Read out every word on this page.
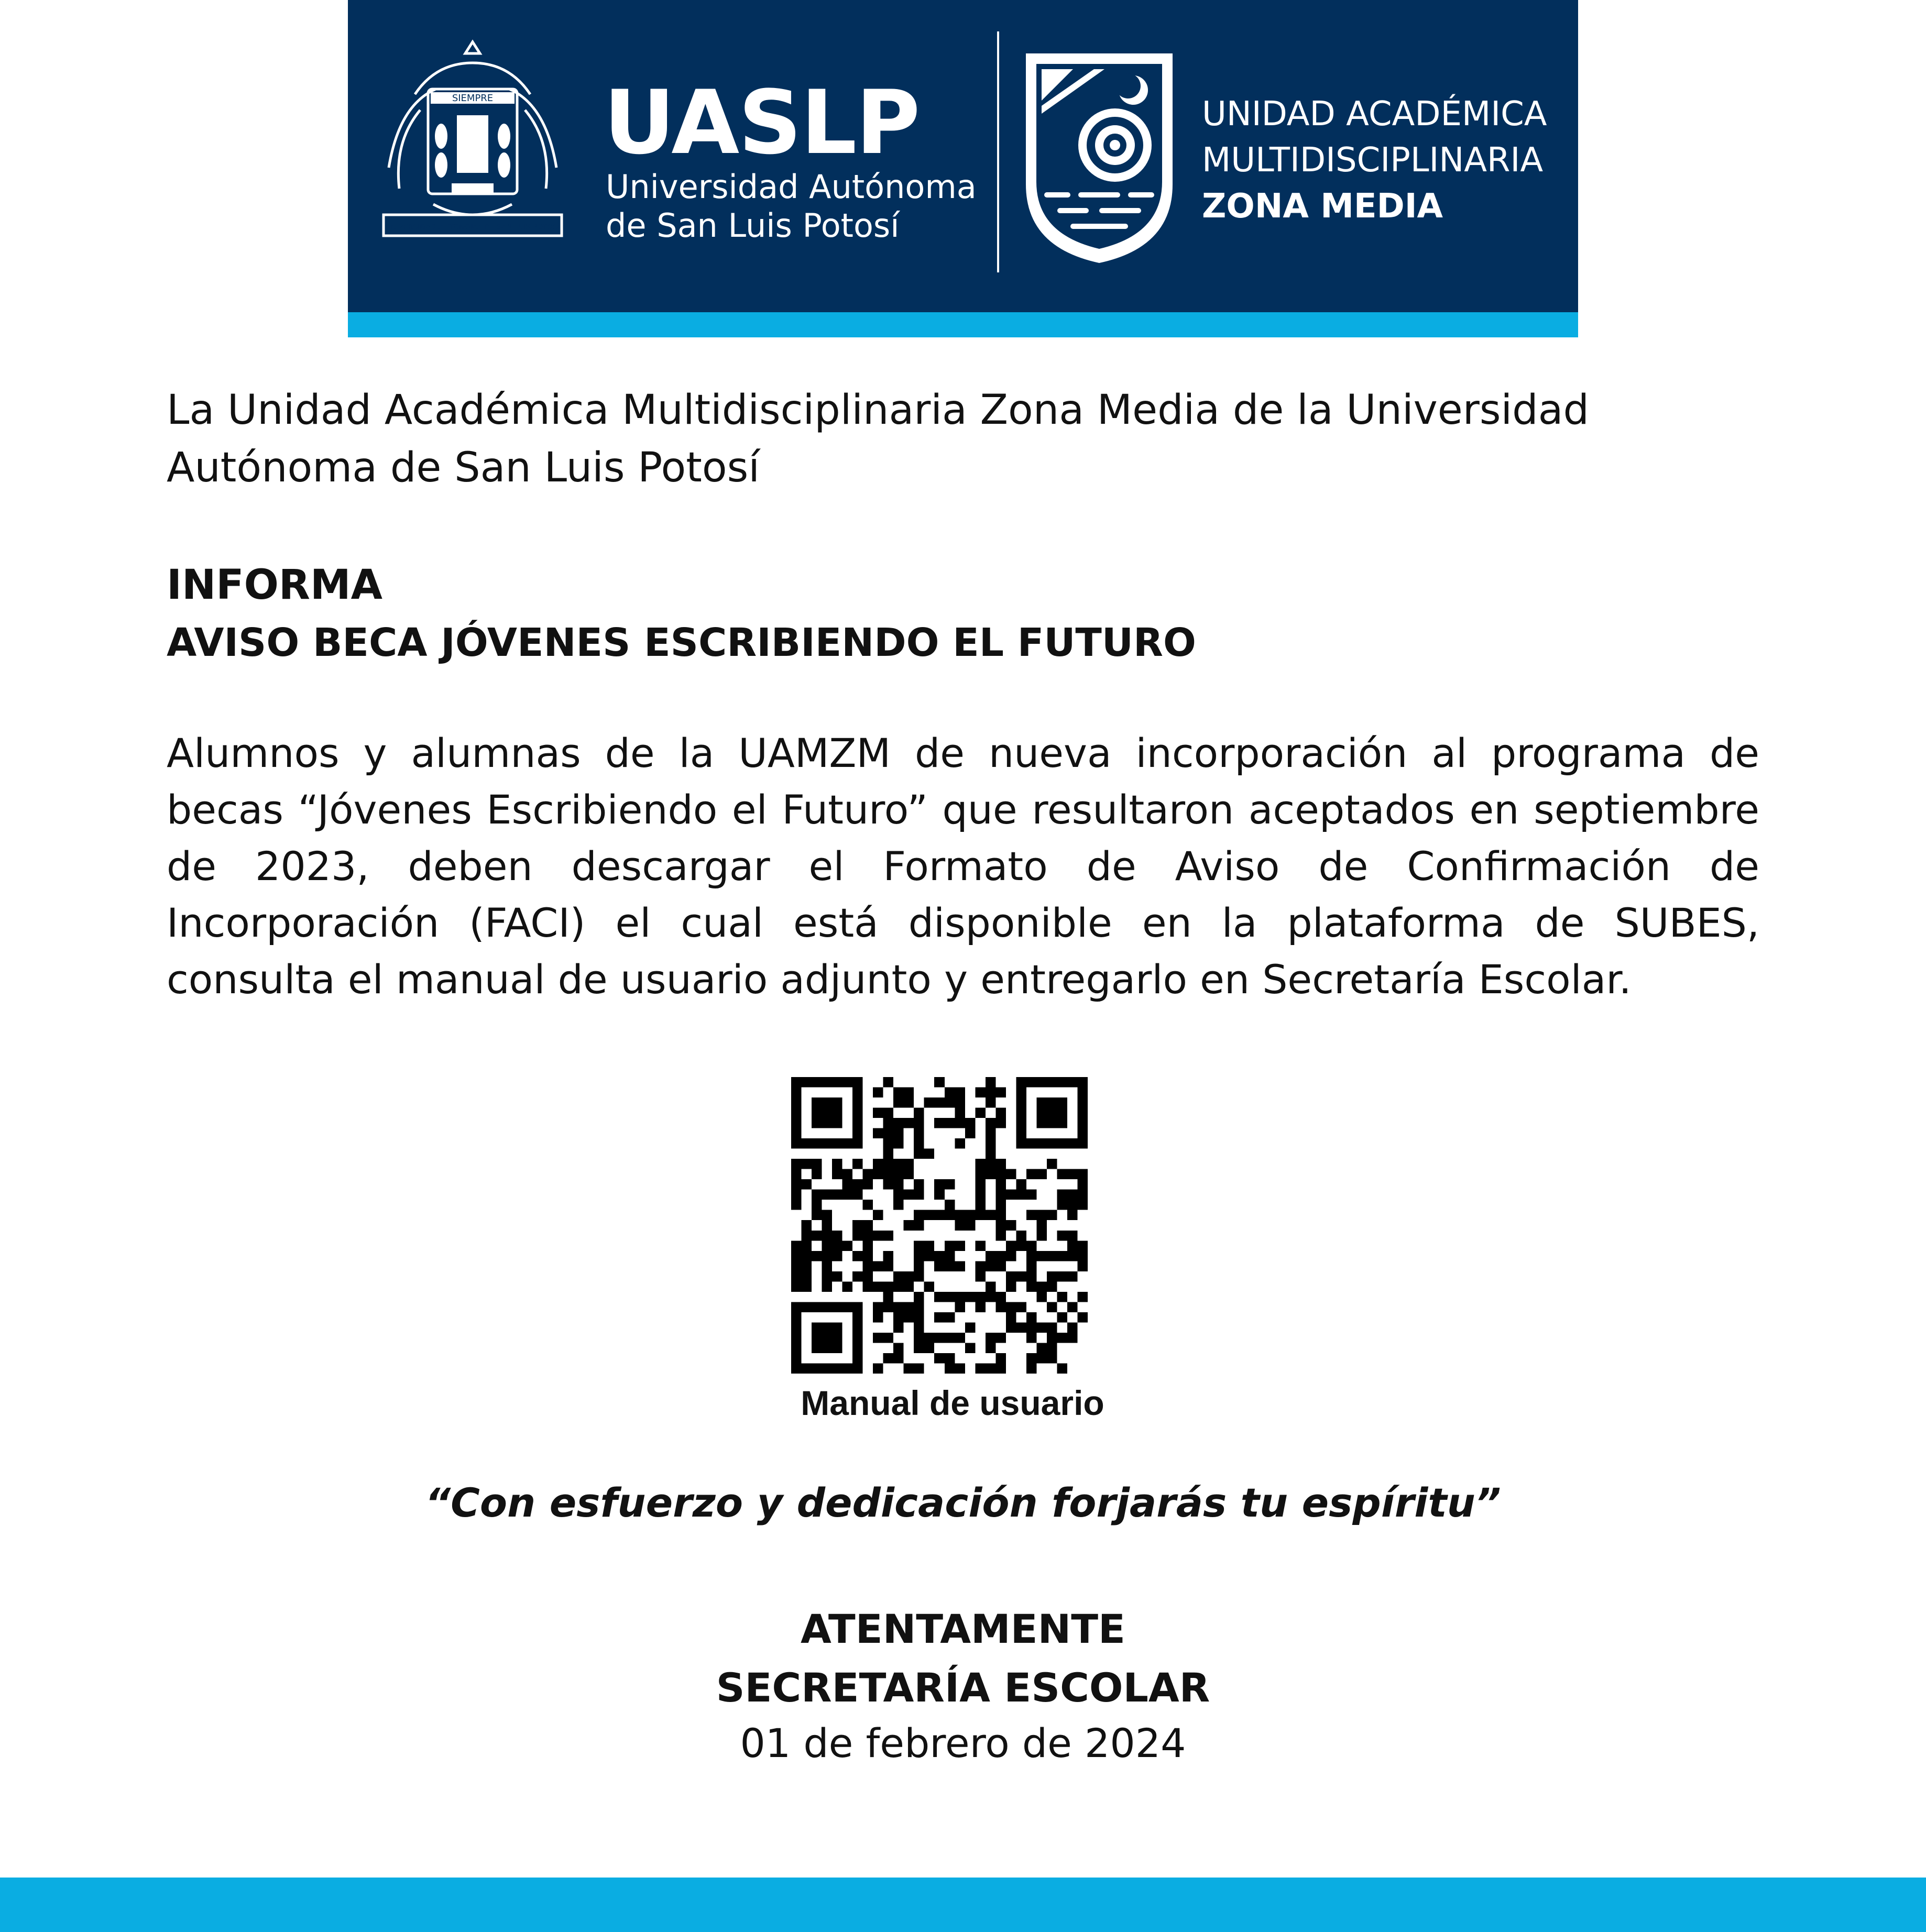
SIEMPRE
UNIVERSIDAD AUTONOMA DE SAN LUIS POTOSI
UASLP
Universidad Autónoma
de San Luis Potosí
UNIDAD ACADÉMICA
MULTIDISCIPLINARIA
ZONA MEDIA
La Unidad Académica Multidisciplinaria Zona Media de la Universidad Autónoma de San Luis Potosí
INFORMA
AVISO BECA JÓVENES ESCRIBIENDO EL FUTURO
Alumnos y alumnas de la UAMZM de nueva incorporación al programa de becas “Jóvenes Escribiendo el Futuro” que resultaron aceptados en septiembre de 2023, deben descargar el Formato de Aviso de Confirmación de Incorporación (FACI) el cual está disponible en la plataforma de SUBES, consulta el manual de usuario adjunto y entregarlo en Secretaría Escolar.
Manual de usuario
“Con esfuerzo y dedicación forjarás tu espíritu”
ATENTAMENTE
SECRETARÍA ESCOLAR
01 de febrero de 2024
